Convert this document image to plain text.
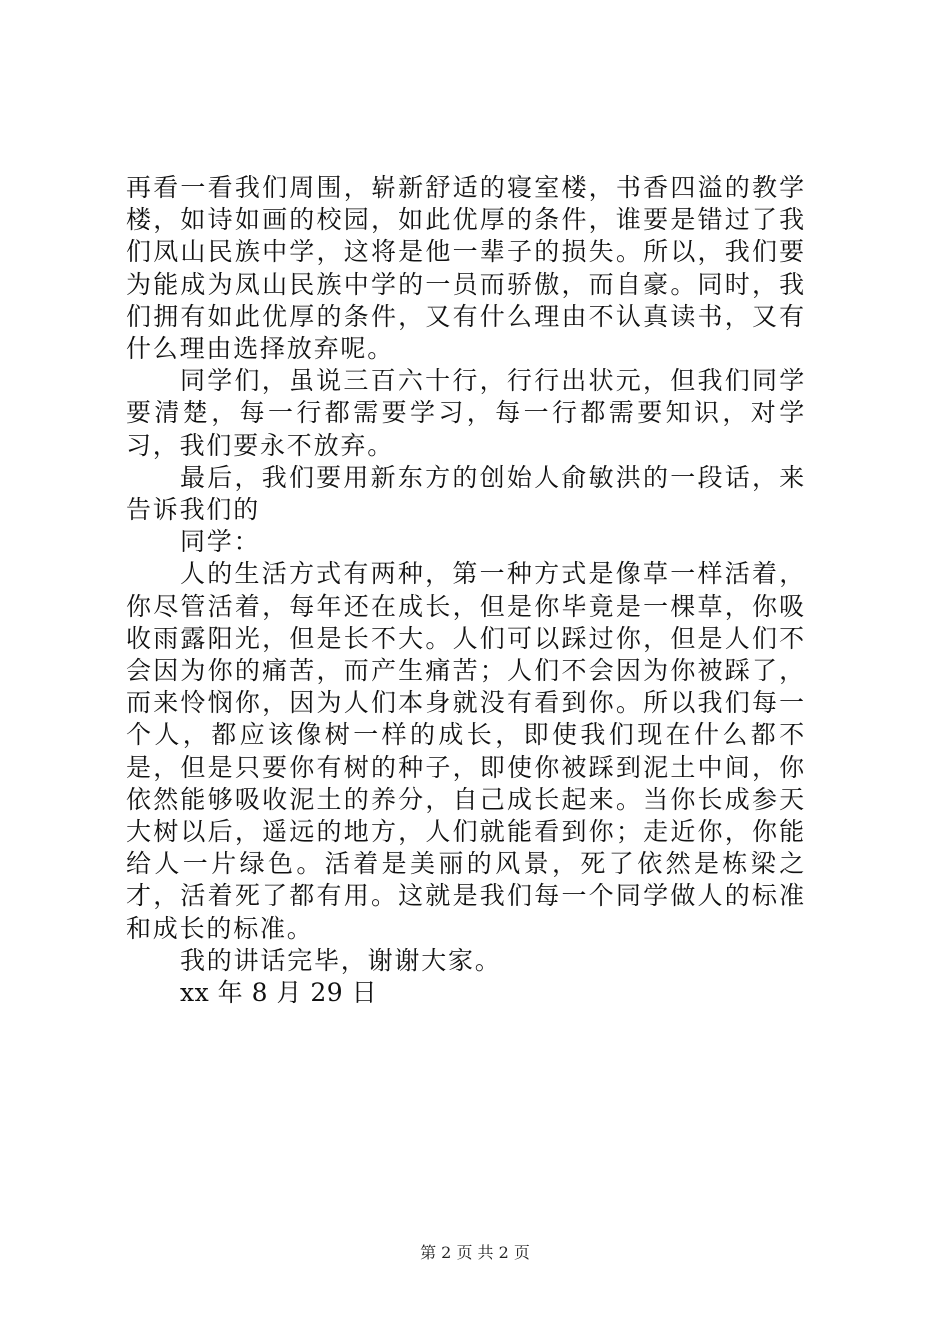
再看一看我们周围，崭新舒适的寝室楼，书香四溢的教学楼，如诗如画的校园，如此优厚的条件，谁要是错过了我们凤山民族中学，这将是他一辈子的损失。所以，我们要为能成为凤山民族中学的一员而骄傲，而自豪。同时，我们拥有如此优厚的条件，又有什么理由不认真读书，又有什么理由选择放弃呢。

同学们，虽说三百六十行，行行出状元，但我们同学要清楚，每一行都需要学习，每一行都需要知识，对学习，我们要永不放弃。

最后，我们要用新东方的创始人俞敏洪的一段话，来告诉我们的

同学：

人的生活方式有两种，第一种方式是像草一样活着，你尽管活着，每年还在成长，但是你毕竟是一棵草，你吸收雨露阳光，但是长不大。人们可以踩过你，但是人们不会因为你的痛苦，而产生痛苦；人们不会因为你被踩了，而来怜悯你，因为人们本身就没有看到你。所以我们每一个人，都应该像树一样的成长，即使我们现在什么都不是，但是只要你有树的种子，即使你被踩到泥土中间，你依然能够吸收泥土的养分，自己成长起来。当你长成参天大树以后，遥远的地方，人们就能看到你；走近你，你能给人一片绿色。活着是美丽的风景，死了依然是栋梁之才，活着死了都有用。这就是我们每一个同学做人的标准和成长的标准。

我的讲话完毕，谢谢大家。

xx 年 8 月 29 日

第 2 页 共 2 页
